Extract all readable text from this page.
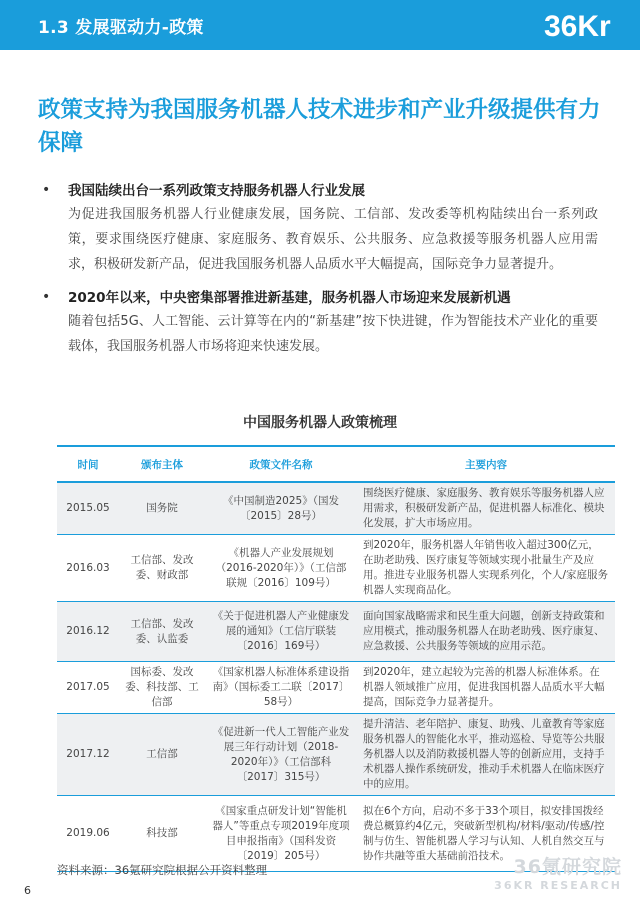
1.3 发展驱动力-政策	36Kr
政策支持为我国服务机器人技术进步和产业升级提供有力保障
• 我国陆续出台一系列政策支持服务机器人行业发展
为促进我国服务机器人行业健康发展，国务院、工信部、发改委等机构陆续出台一系列政策，要求围绕医疗健康、家庭服务、教育娱乐、公共服务、应急救援等服务机器人应用需求，积极研发新产品，促进我国服务机器人品质水平大幅提高，国际竞争力显著提升。
• 2020年以来，中央密集部署推进新基建，服务机器人市场迎来发展新机遇
随着包括5G、人工智能、云计算等在内的“新基建”按下快进键，作为智能技术产业化的重要载体，我国服务机器人市场将迎来快速发展。
中国服务机器人政策梳理
时间	颁布主体	政策文件名称	主要内容
2015.05	国务院	《中国制造2025》（国发〔2015〕28号）	围绕医疗健康、家庭服务、教育娱乐等服务机器人应用需求，积极研发新产品，促进机器人标准化、模块化发展，扩大市场应用。
2016.03	工信部、发改委、财政部	《机器人产业发展规划（2016-2020年）》（工信部联规〔2016〕109号）	到2020年，服务机器人年销售收入超过300亿元，在助老助残、医疗康复等领域实现小批量生产及应用。推进专业服务机器人实现系列化，个人/家庭服务机器人实现商品化。
2016.12	工信部、发改委、认监委	《关于促进机器人产业健康发展的通知》（工信厅联装〔2016〕169号）	面向国家战略需求和民生重大问题，创新支持政策和应用模式，推动服务机器人在助老助残、医疗康复、应急救援、公共服务等领域的应用示范。
2017.05	国标委、发改委、科技部、工信部	《国家机器人标准体系建设指南》（国标委工二联〔2017〕58号）	到2020年，建立起较为完善的机器人标准体系。在机器人领域推广应用，促进我国机器人品质水平大幅提高，国际竞争力显著提升。
2017.12	工信部	《促进新一代人工智能产业发展三年行动计划（2018-2020年）》（工信部科〔2017〕315号）	提升清洁、老年陪护、康复、助残、儿童教育等家庭服务机器人的智能化水平，推动巡检、导览等公共服务机器人以及消防救援机器人等的创新应用，支持手术机器人操作系统研发，推动手术机器人在临床医疗中的应用。
2019.06	科技部	《国家重点研发计划“智能机器人”等重点专项2019年度项目申报指南》（国科发资〔2019〕205号）	拟在6个方向，启动不多于33个项目，拟安排国拨经费总概算约4亿元，突破新型机构/材料/驱动/传感/控制与仿生、智能机器人学习与认知、人机自然交互与协作共融等重大基础前沿技术。
资料来源：36氪研究院根据公开资料整理	36氪研究院
36KR RESEARCH
6
